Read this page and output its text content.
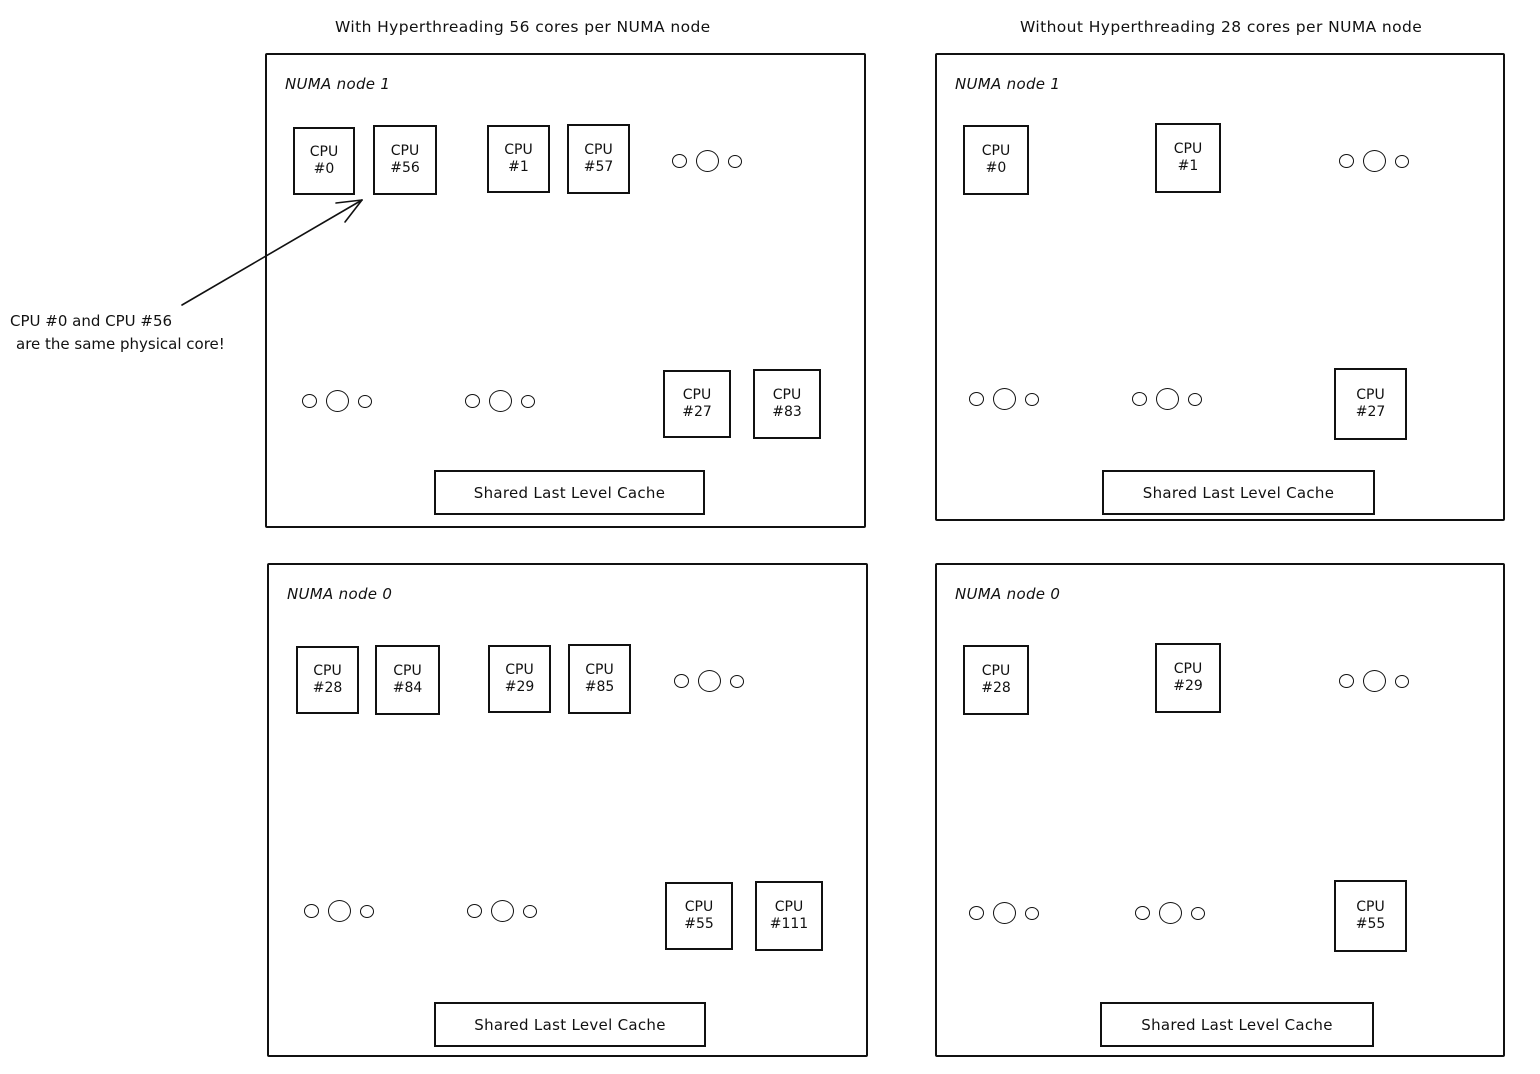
With Hyperthreading 56 cores per NUMA node	Without Hyperthreading 28 cores per NUMA node
NUMA node 1
CPU
#0
CPU
#56
CPU
#1
CPU
#57
CPU
#27
CPU
#83
Shared Last Level Cache
NUMA node 0
CPU
#28
CPU
#84
CPU
#29
CPU
#85
CPU
#55
CPU
#111
Shared Last Level Cache
NUMA node 1
CPU
#0
CPU
#1
CPU
#27
Shared Last Level Cache
NUMA node 0
CPU
#28
CPU
#29
CPU
#55
Shared Last Level Cache
CPU #0 and CPU #56
are the same physical core!
